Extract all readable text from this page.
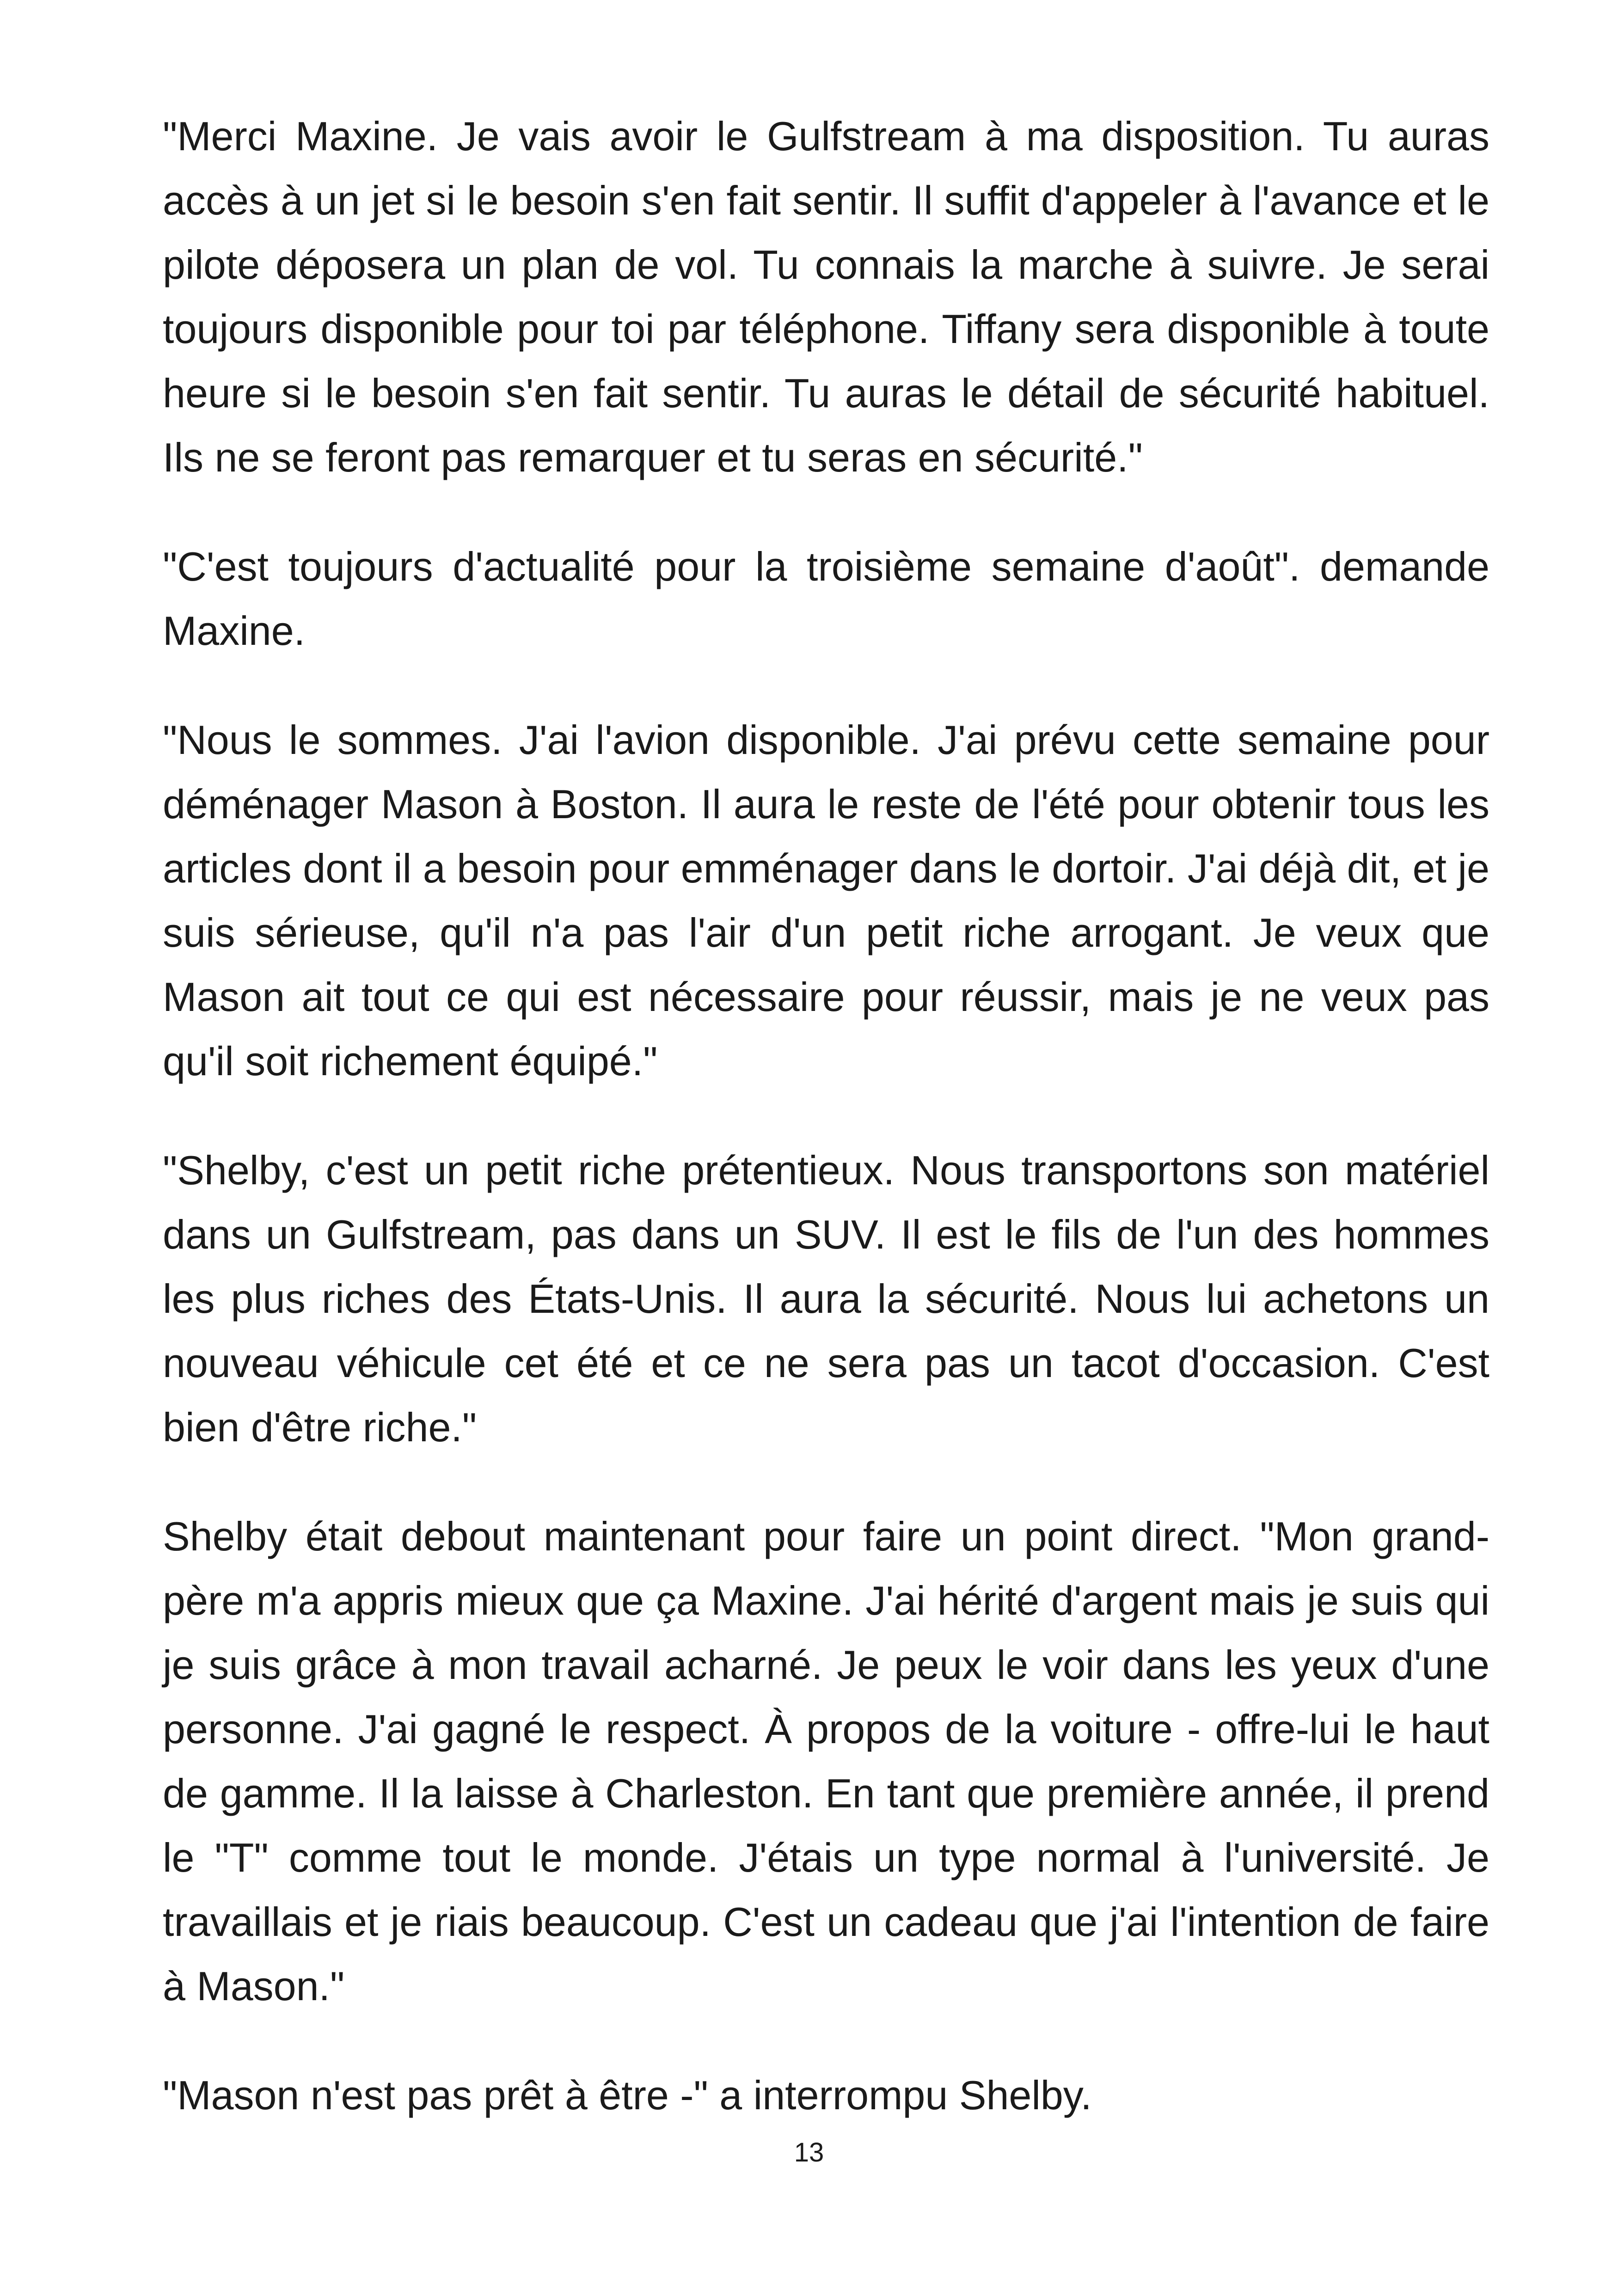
"Merci Maxine. Je vais avoir le Gulfstream à ma disposition. Tu auras accès à un jet si le besoin s'en fait sentir. Il suffit d'appeler à l'avance et le pilote déposera un plan de vol. Tu connais la marche à suivre. Je serai toujours disponible pour toi par téléphone. Tiffany sera disponible à toute heure si le besoin s'en fait sentir. Tu auras le détail de sécurité habituel. Ils ne se feront pas remarquer et tu seras en sécurité."

"C'est toujours d'actualité pour la troisième semaine d'août". demande Maxine.

"Nous le sommes. J'ai l'avion disponible. J'ai prévu cette semaine pour déménager Mason à Boston. Il aura le reste de l'été pour obtenir tous les articles dont il a besoin pour emménager dans le dortoir. J'ai déjà dit, et je suis sérieuse, qu'il n'a pas l'air d'un petit riche arrogant. Je veux que Mason ait tout ce qui est nécessaire pour réussir, mais je ne veux pas qu'il soit richement équipé."

"Shelby, c'est un petit riche prétentieux. Nous transportons son matériel dans un Gulfstream, pas dans un SUV. Il est le fils de l'un des hommes les plus riches des États-Unis. Il aura la sécurité. Nous lui achetons un nouveau véhicule cet été et ce ne sera pas un tacot d'occasion. C'est bien d'être riche."

Shelby était debout maintenant pour faire un point direct. "Mon grand-père m'a appris mieux que ça Maxine. J'ai hérité d'argent mais je suis qui je suis grâce à mon travail acharné. Je peux le voir dans les yeux d'une personne. J'ai gagné le respect. À propos de la voiture - offre-lui le haut de gamme. Il la laisse à Charleston. En tant que première année, il prend le "T" comme tout le monde. J'étais un type normal à l'université. Je travaillais et je riais beaucoup. C'est un cadeau que j'ai l'intention de faire à Mason."

"Mason n'est pas prêt à être -" a interrompu Shelby.

13
